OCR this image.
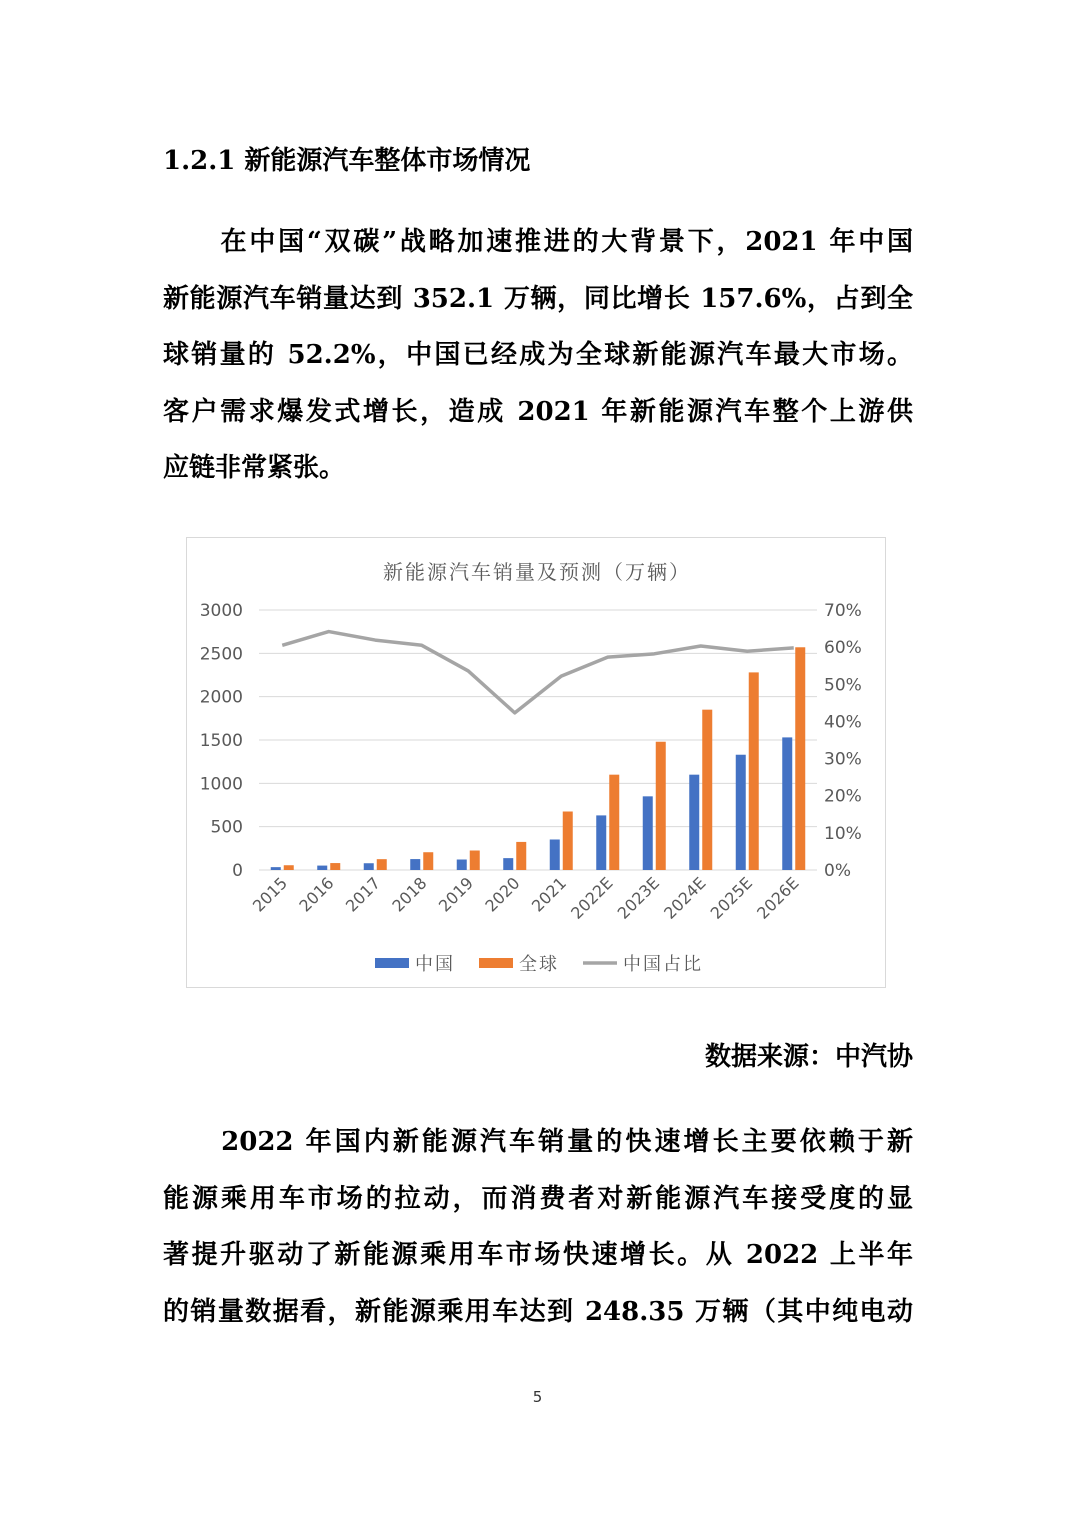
1.2.1 新能源汽车整体市场情况
　　在中国“双碳”战略加速推进的大背景下，2021 年中国
新能源汽车销量达到 352.1 万辆，同比增长 157.6%，占到全
球销量的 52.2%，中国已经成为全球新能源汽车最大市场。
客户需求爆发式增长，造成 2021 年新能源汽车整个上游供
应链非常紧张。
新能源汽车销量及预测（万辆）
0
500
1000
1500
2000
2500
3000
0%
10%
20%
30%
40%
50%
60%
70%
2015 2016 2017 2018 2019 2020 2021
2022E
2023E
2024E
2025E
2026E
中国	全球	中国占比
数据来源：中汽协
　　2022 年国内新能源汽车销量的快速增长主要依赖于新
能源乘用车市场的拉动，而消费者对新能源汽车接受度的显
著提升驱动了新能源乘用车市场快速增长。从 2022 上半年
的销量数据看，新能源乘用车达到 248.35 万辆（其中纯电动
5
